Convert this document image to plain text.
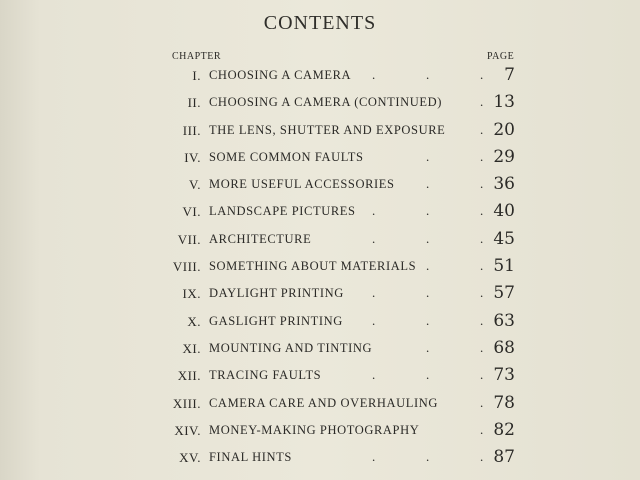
CONTENTS
CHAPTER	PAGE
I. CHOOSING A CAMERA .	.	. 7
II. CHOOSING A CAMERA (CONTINUED)	. 13
III. THE LENS, SHUTTER AND EXPOSURE	. 20
IV. SOME COMMON FAULTS	.	. 29
V. MORE USEFUL ACCESSORIES .	. 36
VI. LANDSCAPE PICTURES .	.	. 40
VII. ARCHITECTURE	.	.	. 45
VIII. SOMETHING ABOUT MATERIALS .	. 51
IX. DAYLIGHT PRINTING .	.	. 57
X. GASLIGHT PRINTING .	.	. 63
XI. MOUNTING AND TINTING	.	. 68
XII. TRACING FAULTS	.	.	. 73
XIII. CAMERA CARE AND OVERHAULING	. 78
XIV. MONEY-MAKING PHOTOGRAPHY	. 82
XV. FINAL HINTS	.	.	. 87
